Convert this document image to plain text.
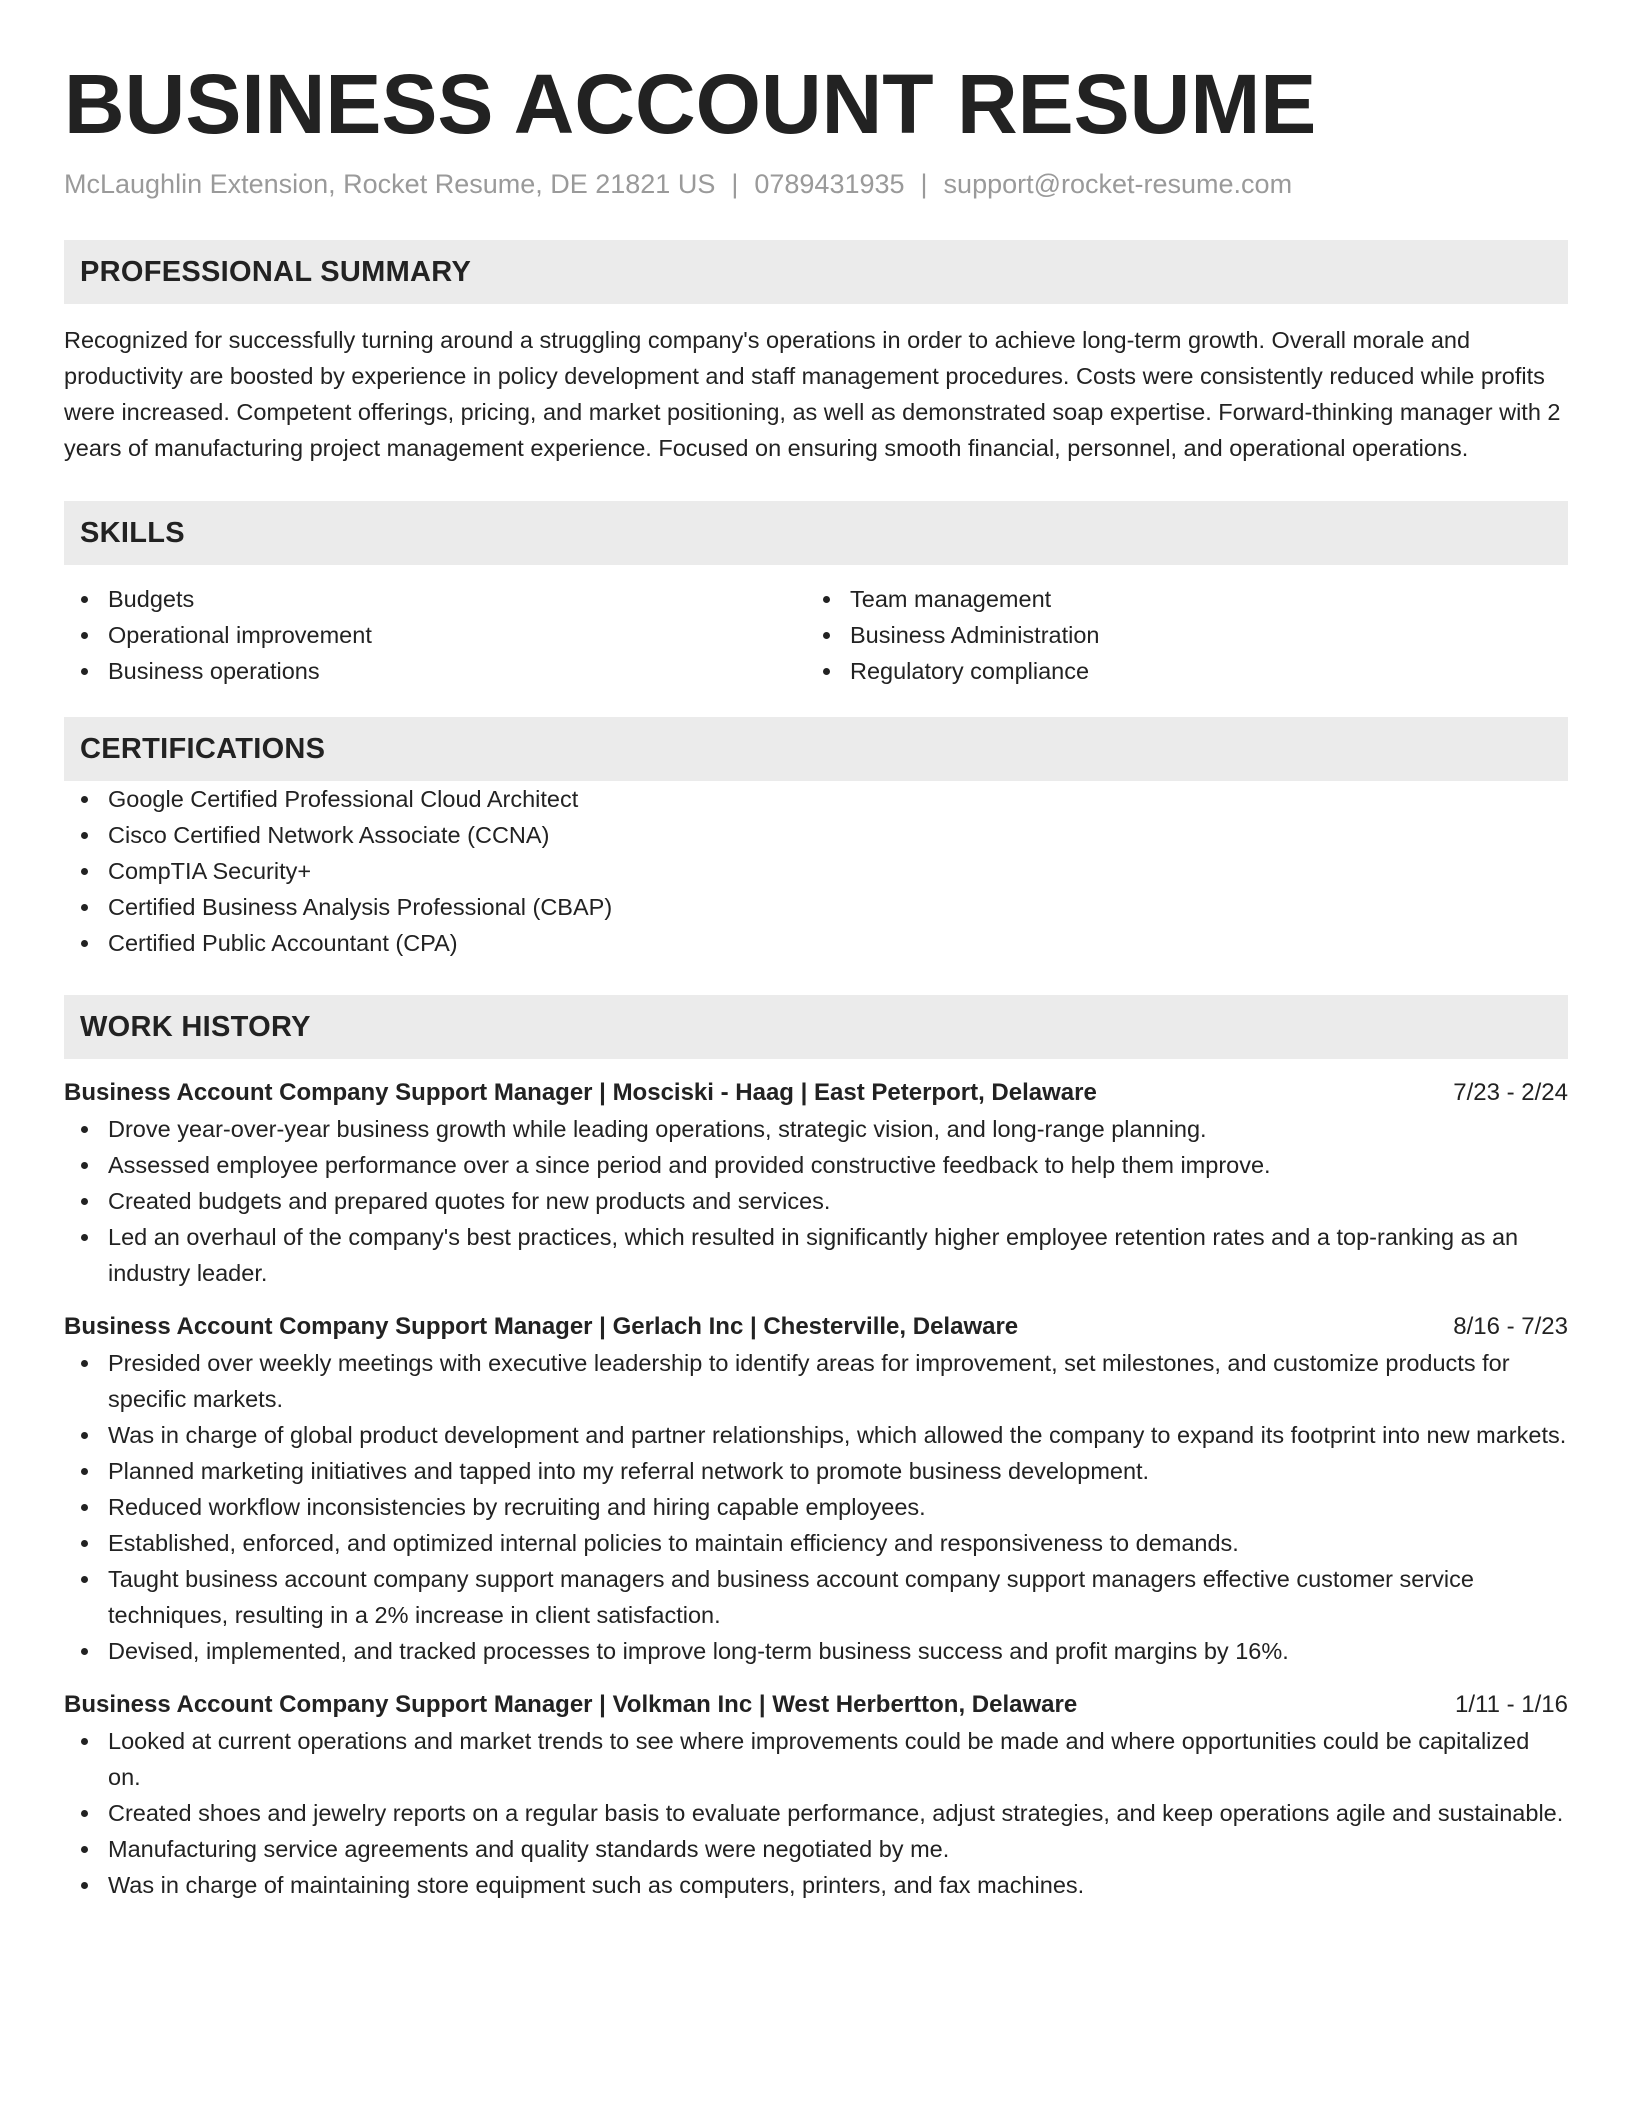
BUSINESS ACCOUNT RESUME
McLaughlin Extension, Rocket Resume, DE 21821 US | 0789431935 | support@rocket-resume.com
PROFESSIONAL SUMMARY

Recognized for successfully turning around a struggling company's operations in order to achieve long-term growth. Overall morale and productivity are boosted by experience in policy development and staff management procedures. Costs were consistently reduced while profits were increased. Competent offerings, pricing, and market positioning, as well as demonstrated soap expertise. Forward-thinking manager with 2 years of manufacturing project management experience. Focused on ensuring smooth financial, personnel, and operational operations.

SKILLS
Budgets
Operational improvement
Business operations
Team management
Business Administration
Regulatory compliance
CERTIFICATIONS
Google Certified Professional Cloud Architect
Cisco Certified Network Associate (CCNA)
CompTIA Security+
Certified Business Analysis Professional (CBAP)
Certified Public Accountant (CPA)
WORK HISTORY
Business Account Company Support Manager | Mosciski - Haag | East Peterport, Delaware	7/23 - 2/24
Drove year-over-year business growth while leading operations, strategic vision, and long-range planning.
Assessed employee performance over a since period and provided constructive feedback to help them improve.
Created budgets and prepared quotes for new products and services.
Led an overhaul of the company's best practices, which resulted in significantly higher employee retention rates and a top-ranking as an industry leader.
Business Account Company Support Manager | Gerlach Inc | Chesterville, Delaware	8/16 - 7/23
Presided over weekly meetings with executive leadership to identify areas for improvement, set milestones, and customize products for specific markets.
Was in charge of global product development and partner relationships, which allowed the company to expand its footprint into new markets.
Planned marketing initiatives and tapped into my referral network to promote business development.
Reduced workflow inconsistencies by recruiting and hiring capable employees.
Established, enforced, and optimized internal policies to maintain efficiency and responsiveness to demands.
Taught business account company support managers and business account company support managers effective customer service techniques, resulting in a 2% increase in client satisfaction.
Devised, implemented, and tracked processes to improve long-term business success and profit margins by 16%.
Business Account Company Support Manager | Volkman Inc | West Herbertton, Delaware	1/11 - 1/16
Looked at current operations and market trends to see where improvements could be made and where opportunities could be capitalized on.
Created shoes and jewelry reports on a regular basis to evaluate performance, adjust strategies, and keep operations agile and sustainable.
Manufacturing service agreements and quality standards were negotiated by me.
Was in charge of maintaining store equipment such as computers, printers, and fax machines.
